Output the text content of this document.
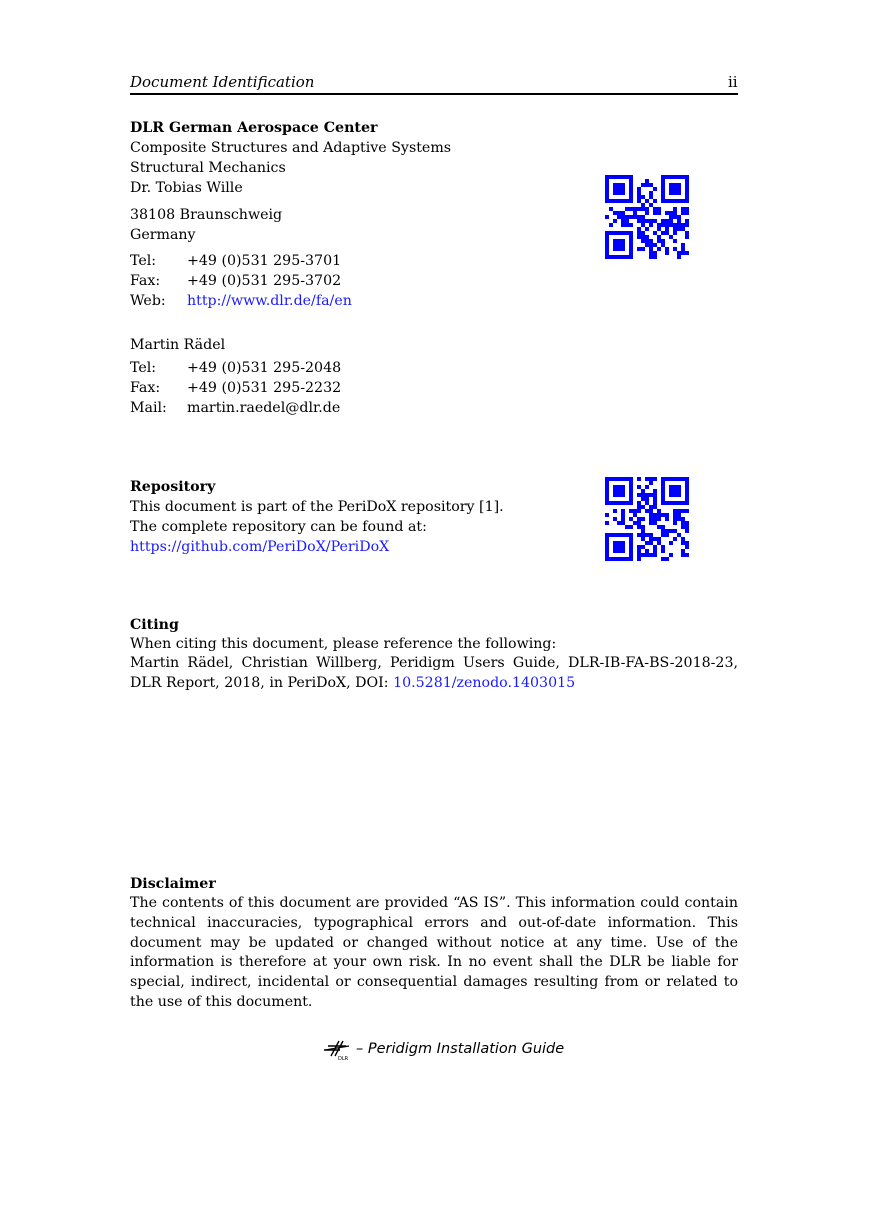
Document Identification	ii
DLR German Aerospace Center
Composite Structures and Adaptive Systems
Structural Mechanics
Dr. Tobias Wille
38108 Braunschweig
Germany
Tel: +49 (0)531 295-3701
Fax: +49 (0)531 295-3702
Web: http://www.dlr.de/fa/en
Martin Rädel
Tel: +49 (0)531 295-2048
Fax: +49 (0)531 295-2232
Mail: martin.raedel@dlr.de
Repository
This document is part of the PeriDoX repository [1].
The complete repository can be found at:
https://github.com/PeriDoX/PeriDoX
Citing
When citing this document, please reference the following:
Martin Rädel, Christian Willberg, Peridigm Users Guide, DLR-IB-FA-BS-2018-23, DLR Report, 2018, in PeriDoX, DOI: 10.5281/zenodo.1403015
Disclaimer
The contents of this document are provided “AS IS”. This information could contain technical inaccuracies, typographical errors and out-of-date information. This document may be updated or changed without notice at any time. Use of the information is therefore at your own risk. In no event shall the DLR be liable for special, indirect, incidental or consequential damages resulting from or related to the use of this document.
DLR
– Peridigm Installation Guide
